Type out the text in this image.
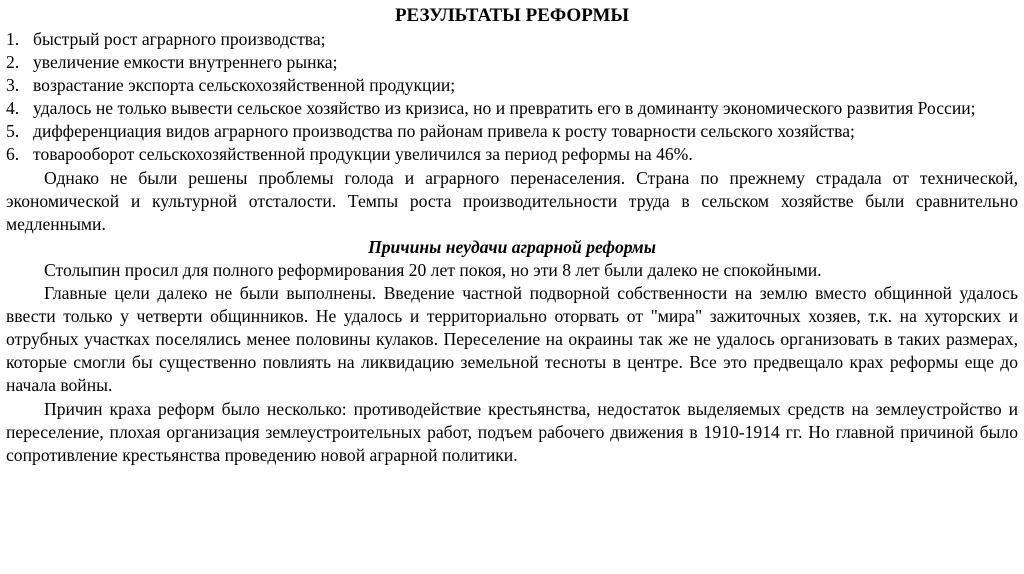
РЕЗУЛЬТАТЫ РЕФОРМЫ
1. быстрый рост аграрного производства;
2. увеличение емкости внутреннего рынка;
3. возрастание экспорта сельскохозяйственной продукции;
4. удалось не только вывести сельское хозяйство из кризиса, но и превратить его в доминанту экономического развития России;
5. дифференциация видов аграрного производства по районам привела к росту товарности сельского хозяйства;
6. товарооборот сельскохозяйственной продукции увеличился за период реформы на 46%.

Однако не были решены проблемы голода и аграрного перенаселения. Страна по прежнему страдала от технической, экономической и культурной отсталости. Темпы роста производительности труда в сельском хозяйстве были сравнительно медленными.

Причины неудачи аграрной реформы

Столыпин просил для полного реформирования 20 лет покоя, но эти 8 лет были далеко не спокойными.

Главные цели далеко не были выполнены. Введение частной подворной собственности на землю вместо общинной удалось ввести только у четверти общинников. Не удалось и территориально оторвать от "мира" зажиточных хозяев, т.к. на хуторских и отрубных участках поселялись менее половины кулаков. Переселение на окраины так же не удалось организовать в таких размерах, которые смогли бы существенно повлиять на ликвидацию земельной тесноты в центре. Все это предвещало крах реформы еще до начала войны.

Причин краха реформ было несколько: противодействие крестьянства, недостаток выделяемых средств на землеустройство и переселение, плохая организация землеустроительных работ, подъем рабочего движения в 1910-1914 гг. Но главной причиной было сопротивление крестьянства проведению новой аграрной политики.
